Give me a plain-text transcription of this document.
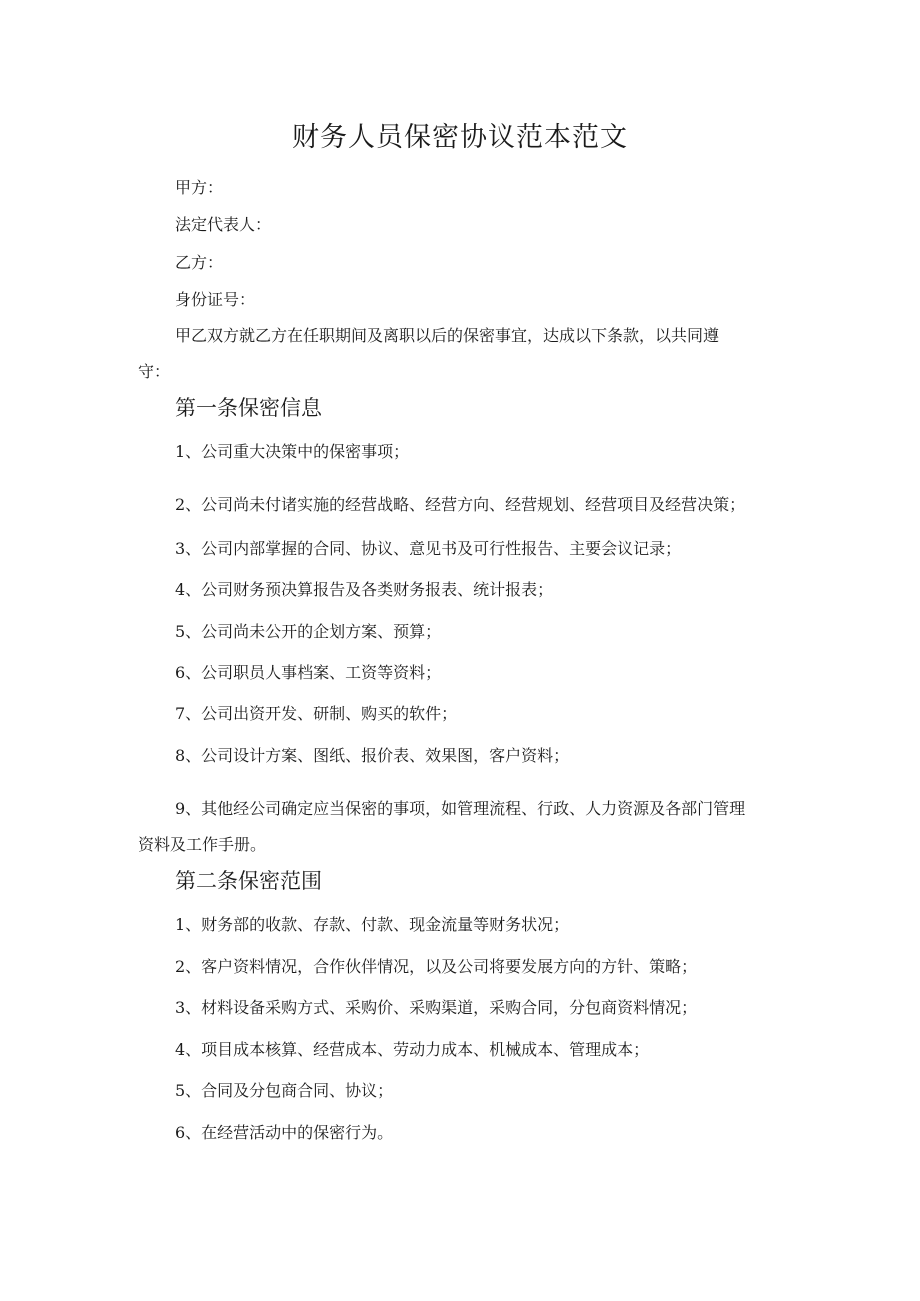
财务人员保密协议范本范文
甲方：
法定代表人：
乙方：
身份证号：
甲乙双方就乙方在任职期间及离职以后的保密事宜，达成以下条款，以共同遵
守：
第一条保密信息
1、公司重大决策中的保密事项；
2、公司尚未付诸实施的经营战略、经营方向、经营规划、经营项目及经营决策；
3、公司内部掌握的合同、协议、意见书及可行性报告、主要会议记录；
4、公司财务预决算报告及各类财务报表、统计报表；
5、公司尚未公开的企划方案、预算；
6、公司职员人事档案、工资等资料；
7、公司出资开发、研制、购买的软件；
8、公司设计方案、图纸、报价表、效果图，客户资料；
9、其他经公司确定应当保密的事项，如管理流程、行政、人力资源及各部门管理
资料及工作手册。
第二条保密范围
1、财务部的收款、存款、付款、现金流量等财务状况；
2、客户资料情况，合作伙伴情况，以及公司将要发展方向的方针、策略；
3、材料设备采购方式、采购价、采购渠道，采购合同，分包商资料情况；
4、项目成本核算、经营成本、劳动力成本、机械成本、管理成本；
5、合同及分包商合同、协议；
6、在经营活动中的保密行为。
